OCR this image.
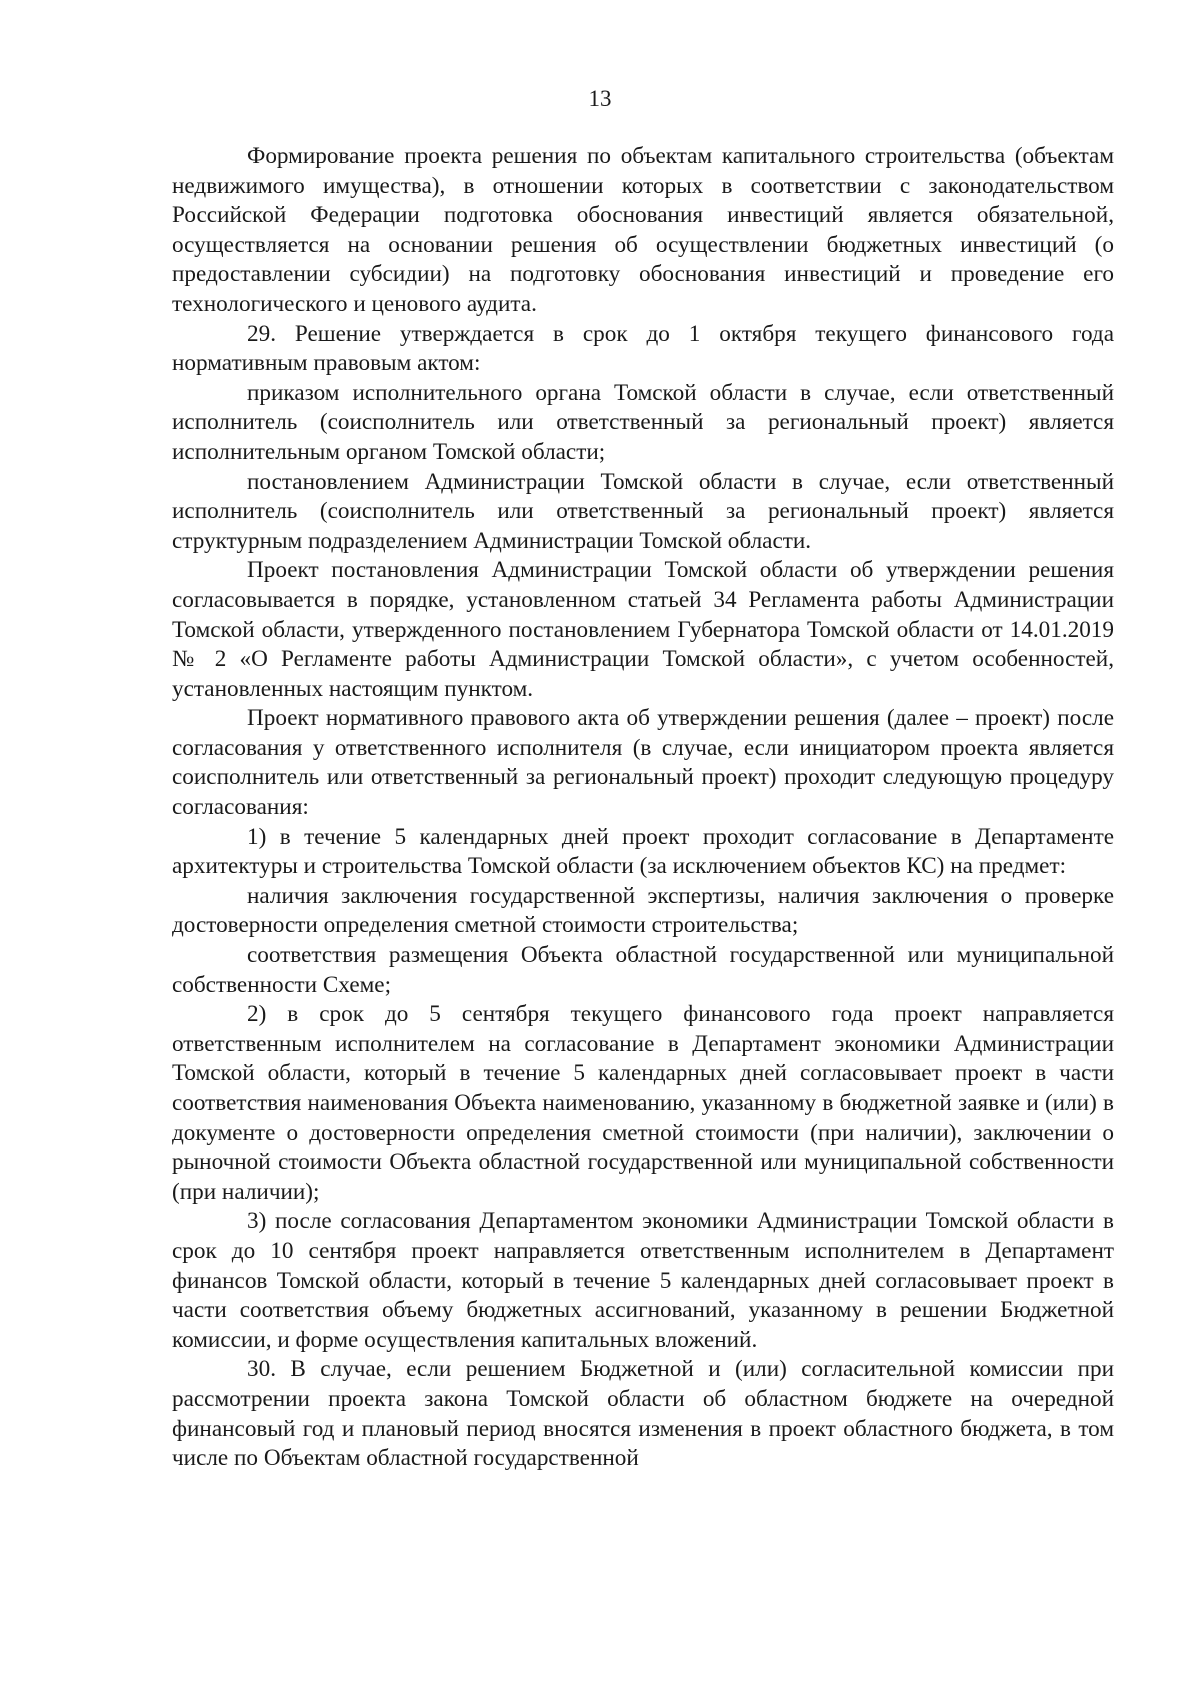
13

Формирование проекта решения по объектам капитального строительства (объектам недвижимого имущества), в отношении которых в соответствии с законодательством Российской Федерации подготовка обоснования инвестиций является обязательной, осуществляется на основании решения об осуществлении бюджетных инвестиций (о предоставлении субсидии) на подготовку обоснования инвестиций и проведение его технологического и ценового аудита.

29. Решение утверждается в срок до 1 октября текущего финансового года нормативным правовым актом:

приказом исполнительного органа Томской области в случае, если ответственный исполнитель (соисполнитель или ответственный за региональный проект) является исполнительным органом Томской области;

постановлением Администрации Томской области в случае, если ответственный исполнитель (соисполнитель или ответственный за региональный проект) является структурным подразделением Администрации Томской области.

Проект постановления Администрации Томской области об утверждении решения согласовывается в порядке, установленном статьей 34 Регламента работы Администрации Томской области, утвержденного постановлением Губернатора Томской области от 14.01.2019 № 2 «О Регламенте работы Администрации Томской области», с учетом особенностей, установленных настоящим пунктом.

Проект нормативного правового акта об утверждении решения (далее – проект) после согласования у ответственного исполнителя (в случае, если инициатором проекта является соисполнитель или ответственный за региональный проект) проходит следующую процедуру согласования:

1) в течение 5 календарных дней проект проходит согласование в Департаменте архитектуры и строительства Томской области (за исключением объектов КС) на предмет:

наличия заключения государственной экспертизы, наличия заключения о проверке достоверности определения сметной стоимости строительства;

соответствия размещения Объекта областной государственной или муниципальной собственности Схеме;

2) в срок до 5 сентября текущего финансового года проект направляется ответственным исполнителем на согласование в Департамент экономики Администрации Томской области, который в течение 5 календарных дней согласовывает проект в части соответствия наименования Объекта наименованию, указанному в бюджетной заявке и (или) в документе о достоверности определения сметной стоимости (при наличии), заключении о рыночной стоимости Объекта областной государственной или муниципальной собственности (при наличии);

3) после согласования Департаментом экономики Администрации Томской области в срок до 10 сентября проект направляется ответственным исполнителем в Департамент финансов Томской области, который в течение 5 календарных дней согласовывает проект в части соответствия объему бюджетных ассигнований, указанному в решении Бюджетной комиссии, и форме осуществления капитальных вложений.

30. В случае, если решением Бюджетной и (или) согласительной комиссии при рассмотрении проекта закона Томской области об областном бюджете на очередной финансовый год и плановый период вносятся изменения в проект областного бюджета, в том числе по Объектам областной государственной
